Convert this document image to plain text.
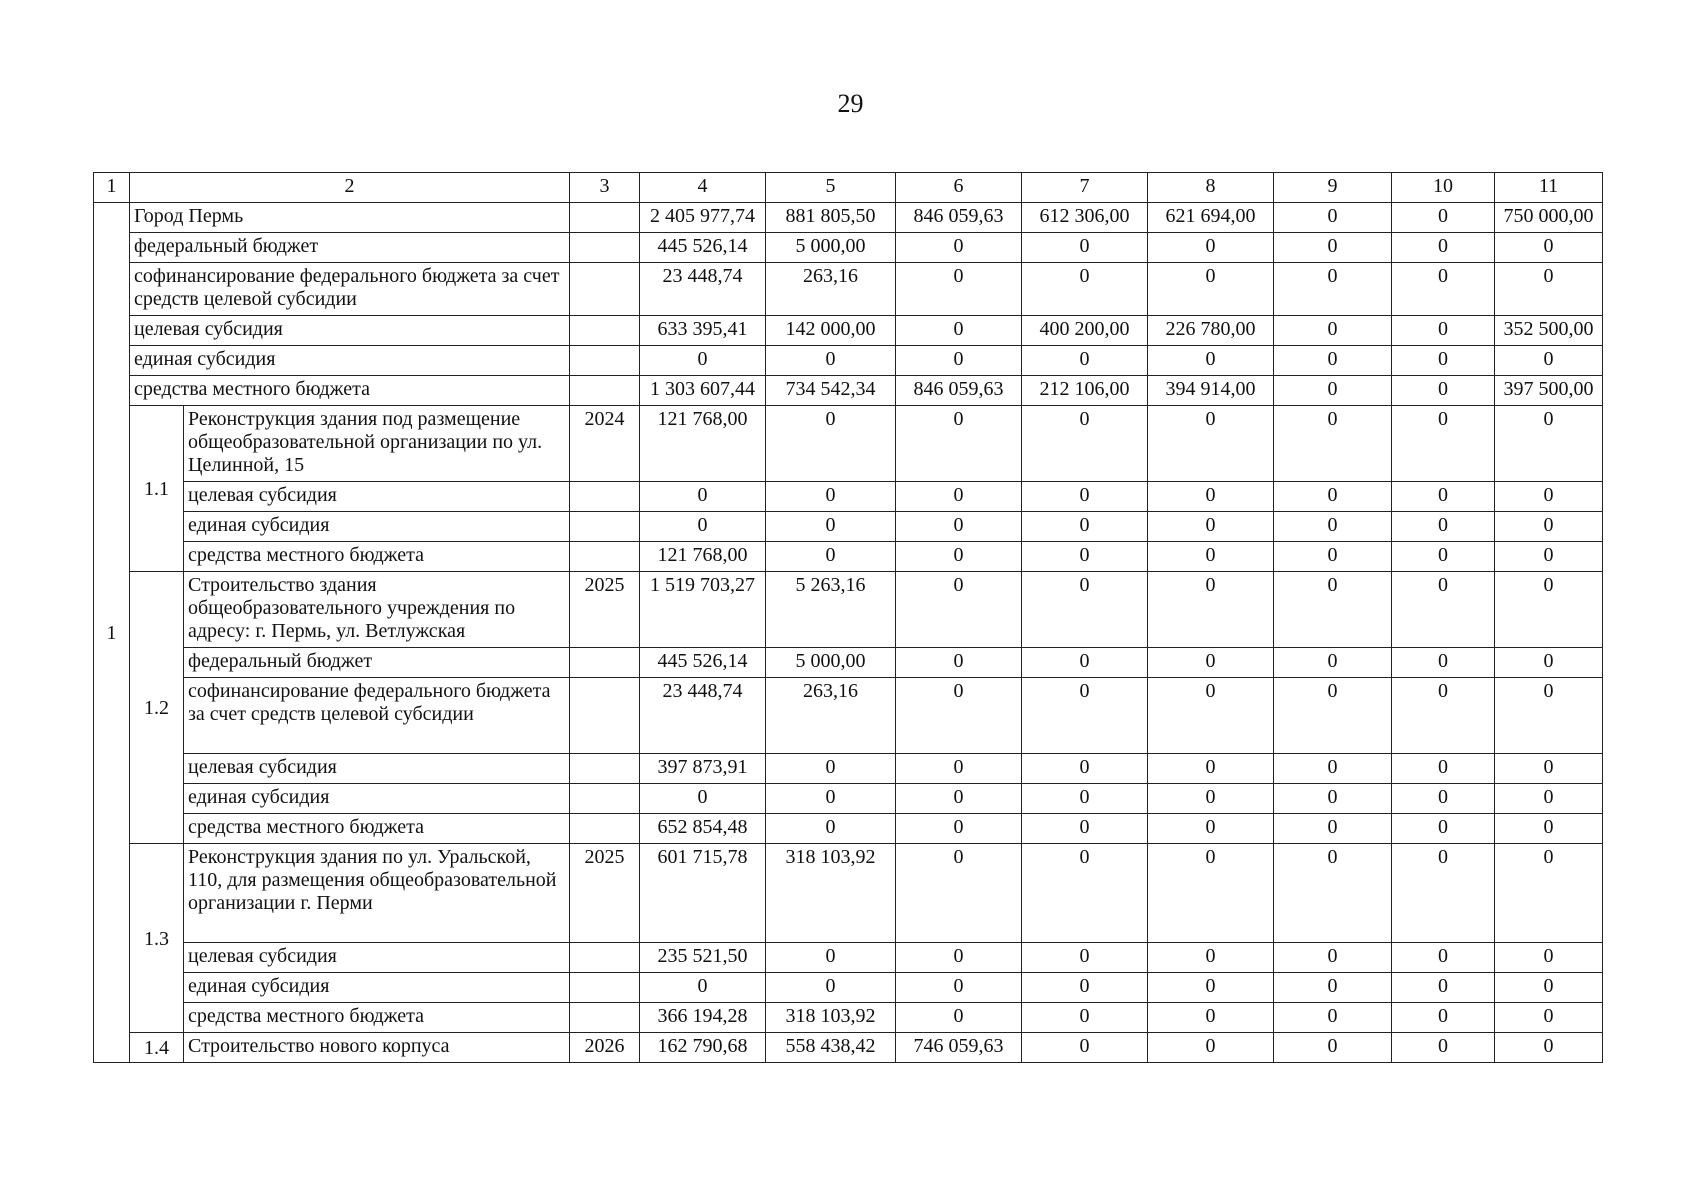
29
1	2		3	4	5	6	7	8	9	10	11
1	Город Пермь			2 405 977,74	881 805,50	846 059,63	612 306,00	621 694,00	0	0	750 000,00
	федеральный бюджет			445 526,14	5 000,00	0	0	0	0	0	0
	софинансирование федерального бюджета за счет средств целевой субсидии			23 448,74	263,16	0	0	0	0	0	0
	целевая субсидия			633 395,41	142 000,00	0	400 200,00	226 780,00	0	0	352 500,00
	единая субсидия			0	0	0	0	0	0	0	0
	средства местного бюджета			1 303 607,44	734 542,34	846 059,63	212 106,00	394 914,00	0	0	397 500,00
	1.1	Реконструкция здания под размещение общеобразовательной организации по ул. Целинной, 15	2024	121 768,00	0	0	0	0	0	0	0
		целевая субсидия		0	0	0	0	0	0	0	0
		единая субсидия		0	0	0	0	0	0	0	0
		средства местного бюджета		121 768,00	0	0	0	0	0	0	0
	1.2	Строительство здания общеобразовательного учреждения по адресу: г. Пермь, ул. Ветлужская	2025	1 519 703,27	5 263,16	0	0	0	0	0	0
		федеральный бюджет		445 526,14	5 000,00	0	0	0	0	0	0
		софинансирование федерального бюджета за счет средств целевой субсидии		23 448,74	263,16	0	0	0	0	0	0
		целевая субсидия		397 873,91	0	0	0	0	0	0	0
		единая субсидия		0	0	0	0	0	0	0	0
		средства местного бюджета		652 854,48	0	0	0	0	0	0	0
	1.3	Реконструкция здания по ул. Уральской, 110, для размещения общеобразовательной организации г. Перми	2025	601 715,78	318 103,92	0	0	0	0	0	0
		целевая субсидия		235 521,50	0	0	0	0	0	0	0
		единая субсидия		0	0	0	0	0	0	0	0
		средства местного бюджета		366 194,28	318 103,92	0	0	0	0	0	0
	1.4	Строительство нового корпуса	2026	162 790,68	558 438,42	746 059,63	0	0	0	0	0
